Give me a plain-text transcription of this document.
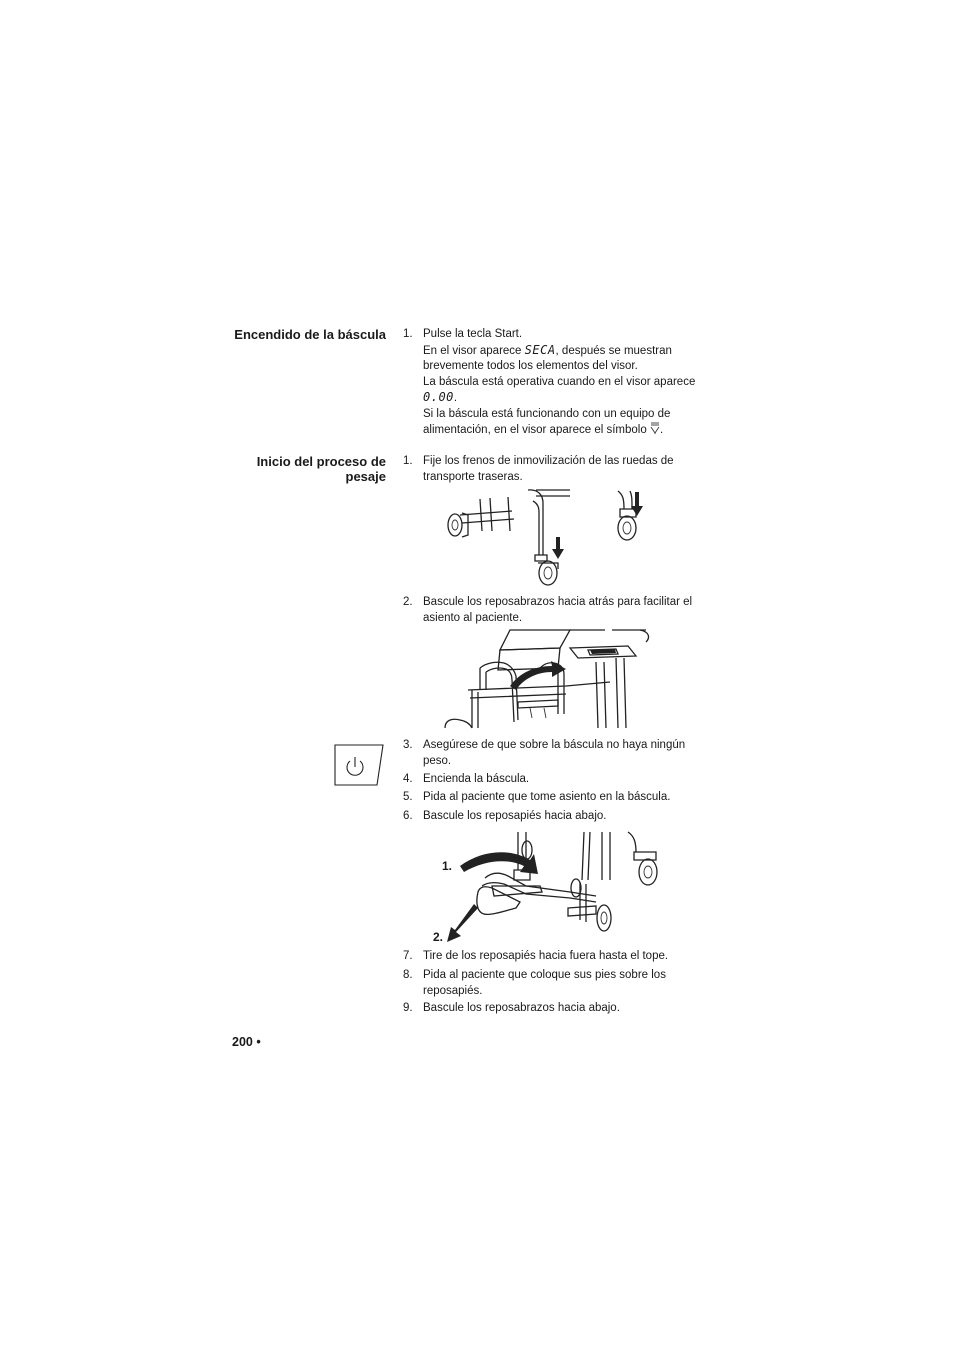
Encendido de la báscula 1. Pulse la tecla Start.
En el visor aparece SECA, después se muestran brevemente todos los elementos del visor.
La báscula está operativa cuando en el visor aparece 0.00.
Si la báscula está funcionando con un equipo de alimentación, en el visor aparece el símbolo .
Inicio del proceso de pesaje
1. Fije los frenos de inmovilización de las ruedas de transporte traseras.
2. Bascule los reposabrazos hacia atrás para facilitar el asiento al paciente.
3. Asegúrese de que sobre la báscula no haya ningún peso.
4. Encienda la báscula.
5. Pida al paciente que tome asiento en la báscula.
6. Bascule los reposapiés hacia abajo.
1.
2.
7. Tire de los reposapiés hacia fuera hasta el tope.
8. Pida al paciente que coloque sus pies sobre los reposapiés.
9. Bascule los reposabrazos hacia abajo.
200 •
